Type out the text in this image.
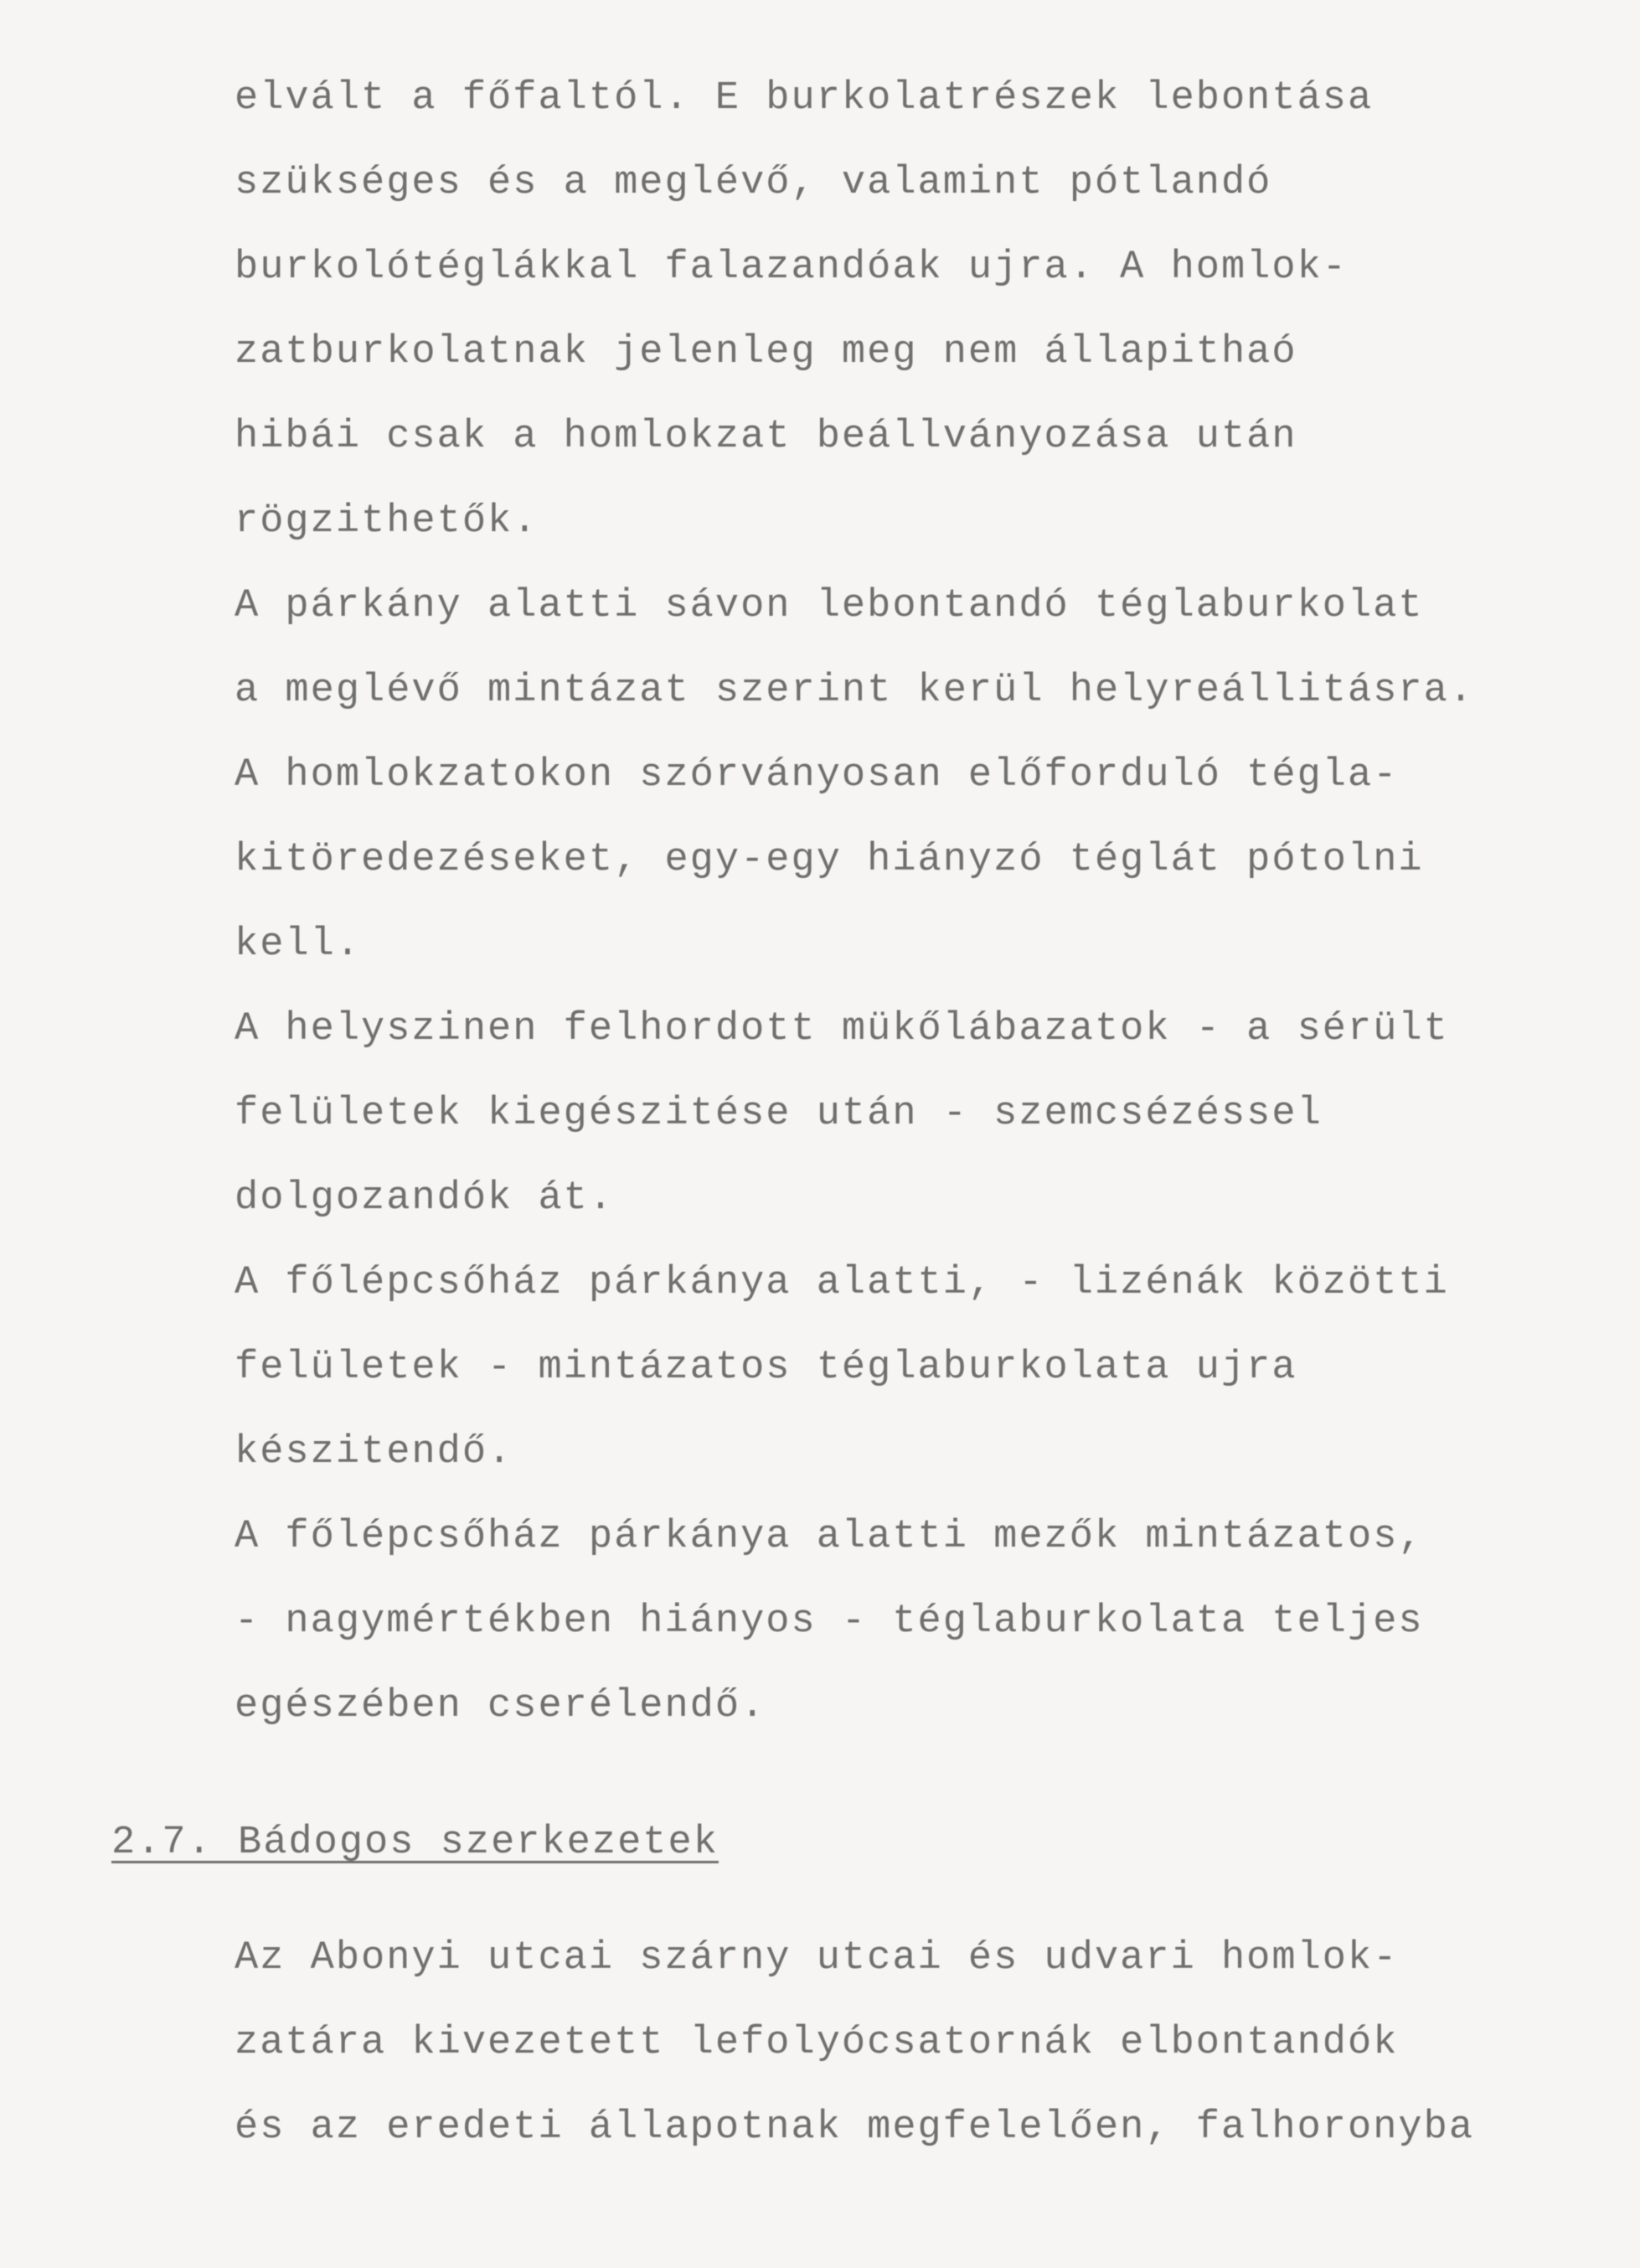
elvált a főfaltól. E burkolatrészek lebontása
szükséges és a meglévő, valamint pótlandó
burkolótéglákkal falazandóak ujra. A homlok-
zatburkolatnak jelenleg meg nem állapithaó
hibái csak a homlokzat beállványozása után
rögzithetők.
A párkány alatti sávon lebontandó téglaburkolat
a meglévő mintázat szerint kerül helyreállitásra.
A homlokzatokon szórványosan előforduló tégla-
kitöredezéseket, egy-egy hiányzó téglát pótolni
kell.
A helyszinen felhordott mükőlábazatok - a sérült
felületek kiegészitése után - szemcsézéssel
dolgozandók át.
A főlépcsőház párkánya alatti, - lizénák közötti
felületek - mintázatos téglaburkolata ujra
készitendő.
A főlépcsőház párkánya alatti mezők mintázatos,
- nagymértékben hiányos - téglaburkolata teljes
egészében cserélendő.
2.7. Bádogos szerkezetek
Az Abonyi utcai szárny utcai és udvari homlok-
zatára kivezetett lefolyócsatornák elbontandók
és az eredeti állapotnak megfelelően, falhoronyba
